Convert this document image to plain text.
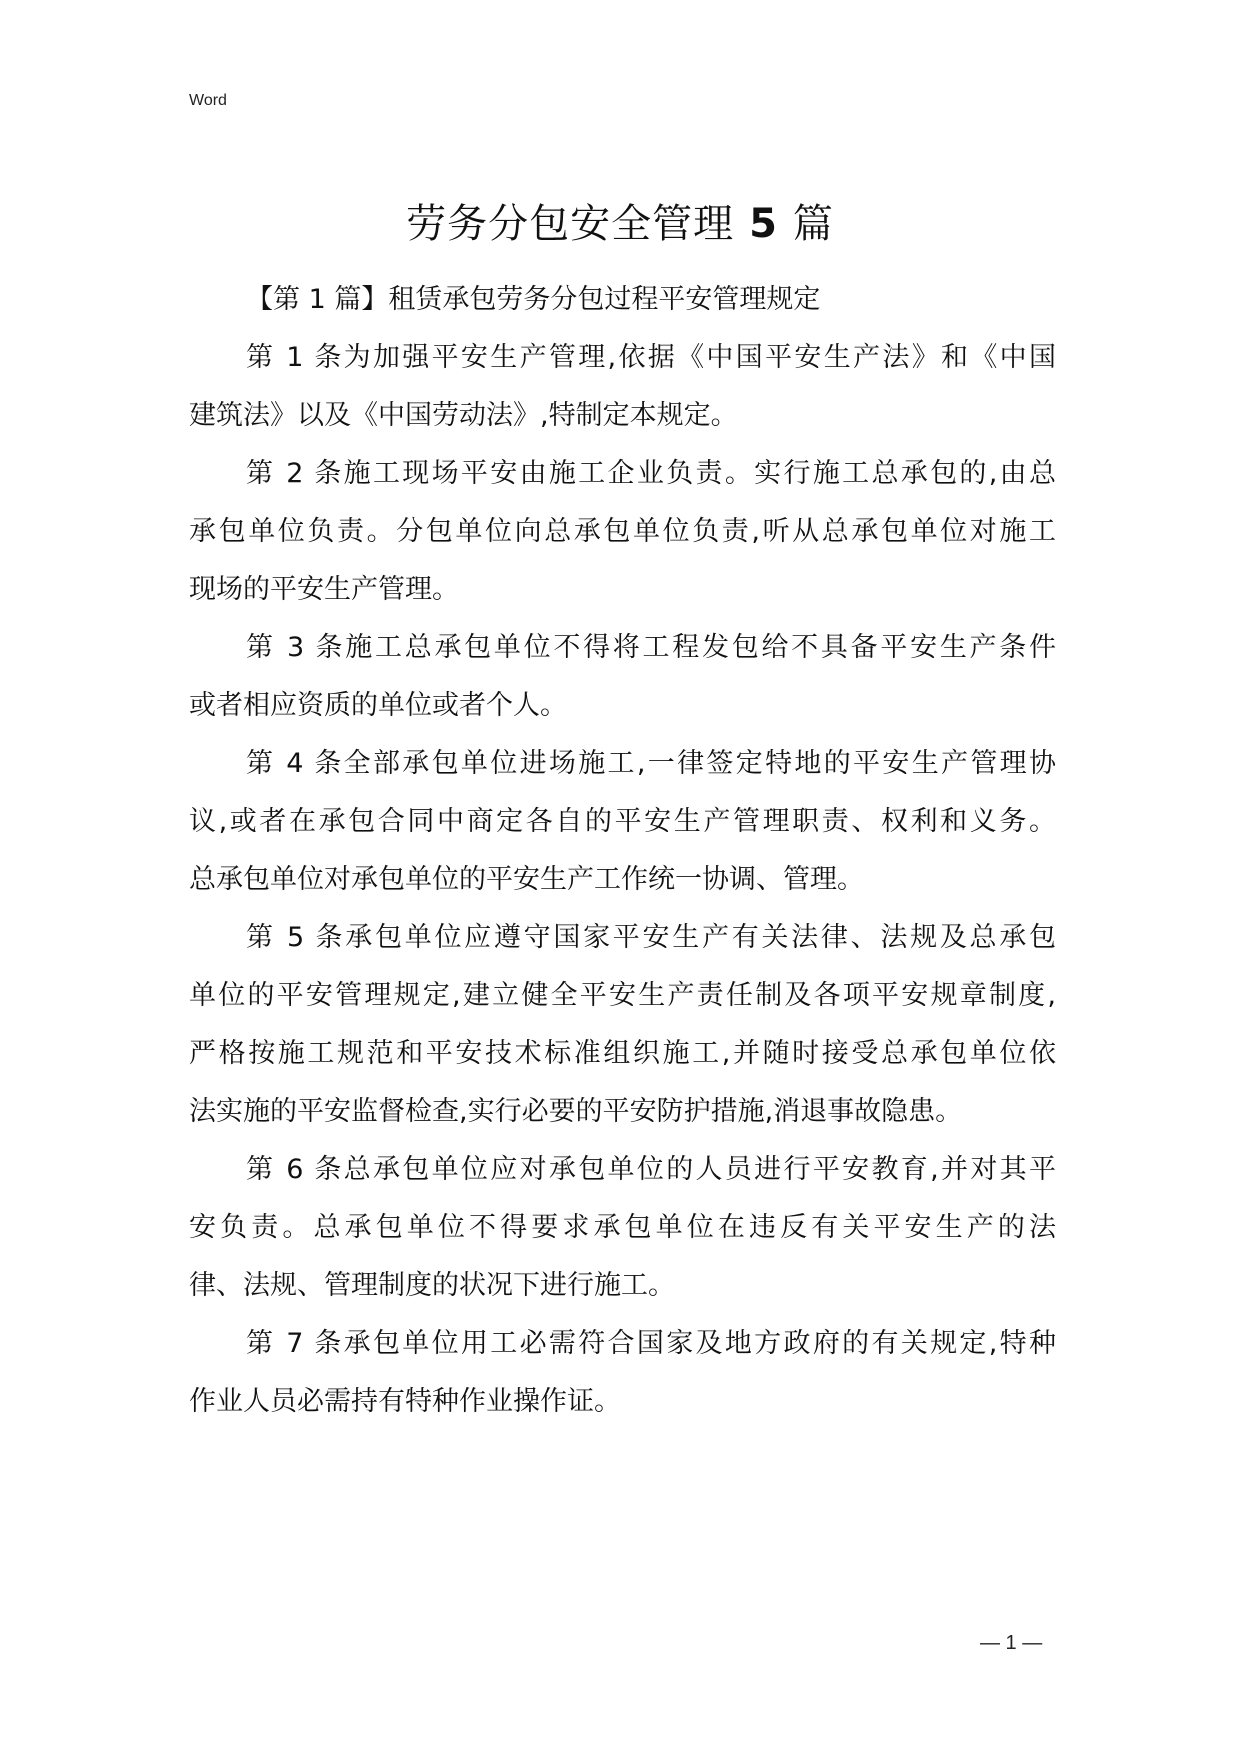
Word
劳务分包安全管理 5 篇
【第 1 篇】租赁承包劳务分包过程平安管理规定
第 1 条为加强平安生产管理,依据《中国平安生产法》和《中国
建筑法》以及《中国劳动法》,特制定本规定。
第 2 条施工现场平安由施工企业负责。实行施工总承包的,由总
承包单位负责。分包单位向总承包单位负责,听从总承包单位对施工
现场的平安生产管理。
第 3 条施工总承包单位不得将工程发包给不具备平安生产条件
或者相应资质的单位或者个人。
第 4 条全部承包单位进场施工,一律签定特地的平安生产管理协
议,或者在承包合同中商定各自的平安生产管理职责、权利和义务。
总承包单位对承包单位的平安生产工作统一协调、管理。
第 5 条承包单位应遵守国家平安生产有关法律、法规及总承包
单位的平安管理规定,建立健全平安生产责任制及各项平安规章制度,
严格按施工规范和平安技术标准组织施工,并随时接受总承包单位依
法实施的平安监督检查,实行必要的平安防护措施,消退事故隐患。
第 6 条总承包单位应对承包单位的人员进行平安教育,并对其平
安负责。总承包单位不得要求承包单位在违反有关平安生产的法
律、法规、管理制度的状况下进行施工。
第 7 条承包单位用工必需符合国家及地方政府的有关规定,特种
作业人员必需持有特种作业操作证。
— 1 —
